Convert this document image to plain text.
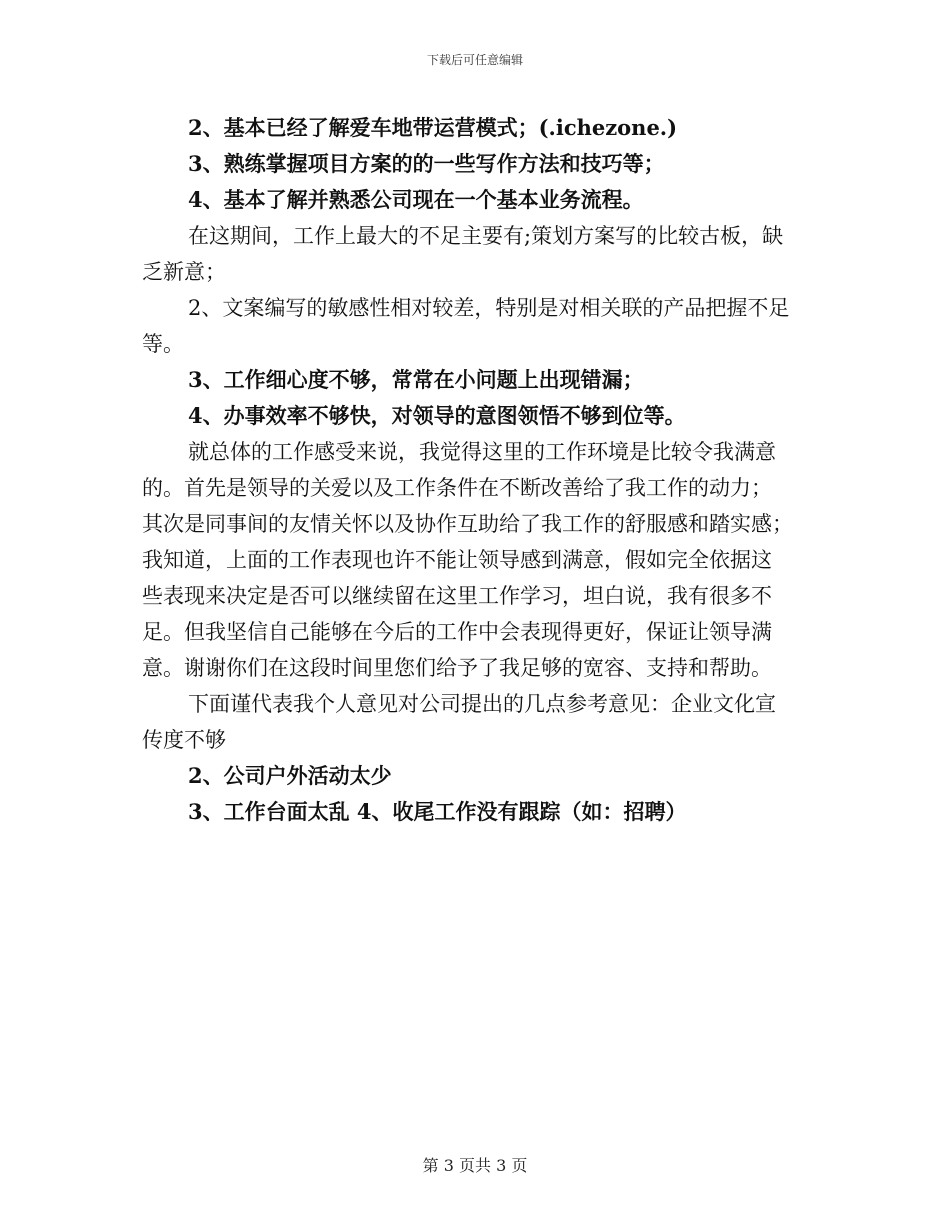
下载后可任意编辑
2、基本已经了解爱车地带运营模式；(.ichezone.)
3、熟练掌握项目方案的的一些写作方法和技巧等；
4、基本了解并熟悉公司现在一个基本业务流程。
在这期间，工作上最大的不足主要有;策划方案写的比较古板，缺
乏新意；
2、文案编写的敏感性相对较差，特别是对相关联的产品把握不足
等。
3、工作细心度不够，常常在小问题上出现错漏；
4、办事效率不够快，对领导的意图领悟不够到位等。
就总体的工作感受来说，我觉得这里的工作环境是比较令我满意
的。首先是领导的关爱以及工作条件在不断改善给了我工作的动力；
其次是同事间的友情关怀以及协作互助给了我工作的舒服感和踏实感；
我知道，上面的工作表现也许不能让领导感到满意，假如完全依据这
些表现来决定是否可以继续留在这里工作学习，坦白说，我有很多不
足。但我坚信自己能够在今后的工作中会表现得更好，保证让领导满
意。谢谢你们在这段时间里您们给予了我足够的宽容、支持和帮助。
下面谨代表我个人意见对公司提出的几点参考意见：企业文化宣
传度不够
2、公司户外活动太少
3、工作台面太乱 4、收尾工作没有跟踪（如：招聘）
第 3 页共 3 页
